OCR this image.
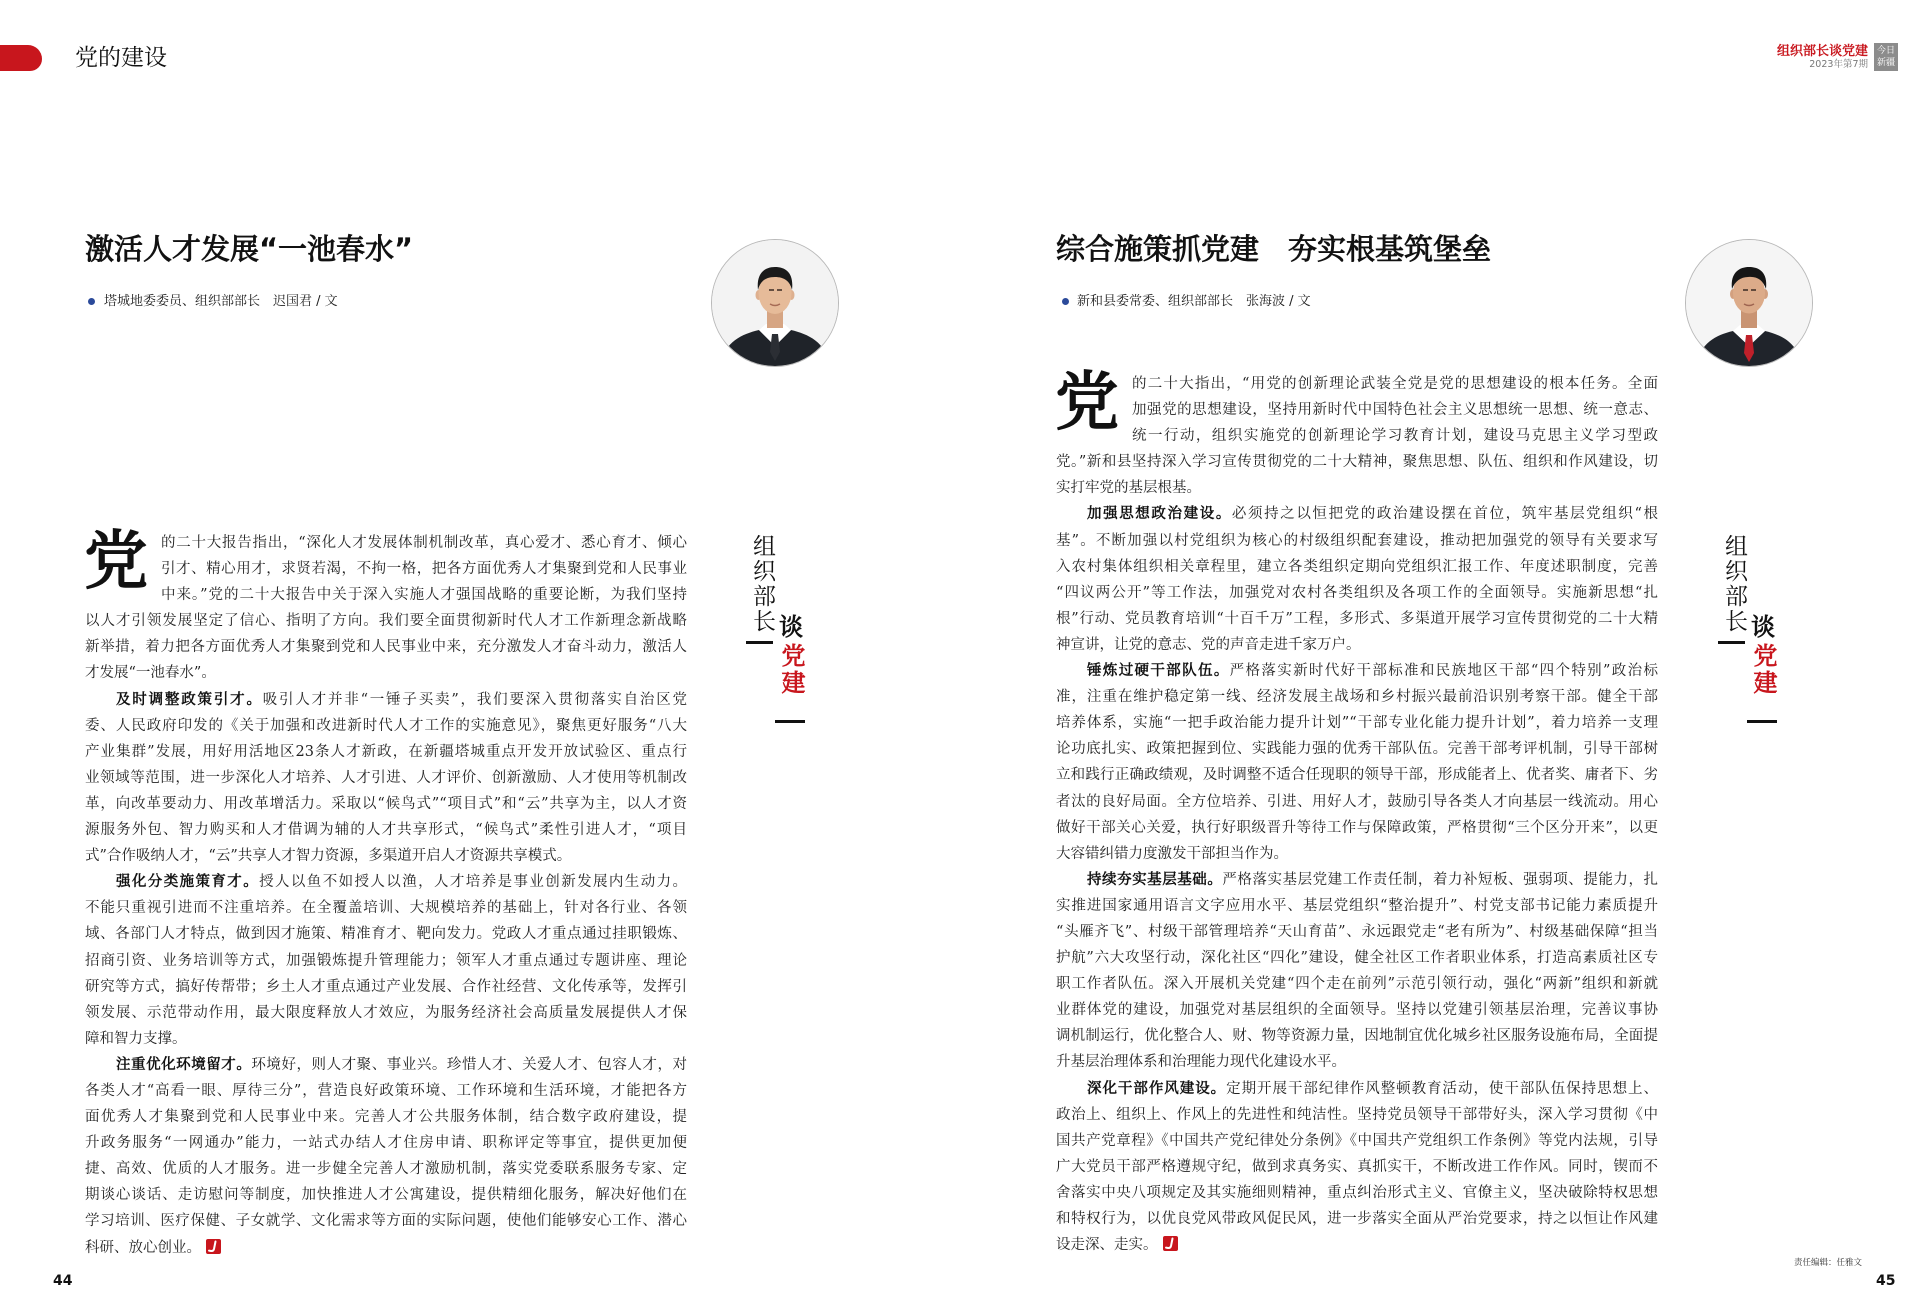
党的建设	组织部长谈党建
2023年第7期
今日新疆
激活人才发展“一池春水”
塔城地委委员、组织部部长　迟国君 / 文
组织部长 谈
党建
党 的二十大报告指出，“深化人才发展体制机制改革，真心爱才、悉心育才、倾心
引才、精心用才，求贤若渴，不拘一格，把各方面优秀人才集聚到党和人民事业
中来。”党的二十大报告中关于深入实施人才强国战略的重要论断，为我们坚持
以人才引领发展坚定了信心、指明了方向。我们要全面贯彻新时代人才工作新理念新战略
新举措，着力把各方面优秀人才集聚到党和人民事业中来，充分激发人才奋斗动力，激活人
才发展“一池春水”。
及时调整政策引才。吸引人才并非“一锤子买卖”，我们要深入贯彻落实自治区党
委、人民政府印发的《关于加强和改进新时代人才工作的实施意见》，聚焦更好服务“八大
产业集群”发展，用好用活地区23条人才新政，在新疆塔城重点开发开放试验区、重点行
业领域等范围，进一步深化人才培养、人才引进、人才评价、创新激励、人才使用等机制改
革，向改革要动力、用改革增活力。采取以“候鸟式”“项目式”和“云”共享为主，以人才资
源服务外包、智力购买和人才借调为辅的人才共享形式，“候鸟式”柔性引进人才，“项目
式”合作吸纳人才，“云”共享人才智力资源，多渠道开启人才资源共享模式。
强化分类施策育才。授人以鱼不如授人以渔，人才培养是事业创新发展内生动力。
不能只重视引进而不注重培养。在全覆盖培训、大规模培养的基础上，针对各行业、各领
域、各部门人才特点，做到因才施策、精准育才、靶向发力。党政人才重点通过挂职锻炼、
招商引资、业务培训等方式，加强锻炼提升管理能力；领军人才重点通过专题讲座、理论
研究等方式，搞好传帮带；乡土人才重点通过产业发展、合作社经营、文化传承等，发挥引
领发展、示范带动作用，最大限度释放人才效应，为服务经济社会高质量发展提供人才保
障和智力支撑。
注重优化环境留才。环境好，则人才聚、事业兴。珍惜人才、关爱人才、包容人才，对
各类人才“高看一眼、厚待三分”，营造良好政策环境、工作环境和生活环境，才能把各方
面优秀人才集聚到党和人民事业中来。完善人才公共服务体制，结合数字政府建设，提
升政务服务“一网通办”能力，一站式办结人才住房申请、职称评定等事宜，提供更加便
捷、高效、优质的人才服务。进一步健全完善人才激励机制，落实党委联系服务专家、定
期谈心谈话、走访慰问等制度，加快推进人才公寓建设，提供精细化服务，解决好他们在
学习培训、医疗保健、子女就学、文化需求等方面的实际问题，使他们能够安心工作、潜心
科研、放心创业。
44
综合施策抓党建　夯实根基筑堡垒
新和县委常委、组织部部长　张海波 / 文
组织部长 谈
党建
党 的二十大指出，“用党的创新理论武装全党是党的思想建设的根本任务。全面
加强党的思想建设，坚持用新时代中国特色社会主义思想统一思想、统一意志、
统一行动，组织实施党的创新理论学习教育计划，建设马克思主义学习型政
党。”新和县坚持深入学习宣传贯彻党的二十大精神，聚焦思想、队伍、组织和作风建设，切
实打牢党的基层根基。
加强思想政治建设。必须持之以恒把党的政治建设摆在首位，筑牢基层党组织“根
基”。不断加强以村党组织为核心的村级组织配套建设，推动把加强党的领导有关要求写
入农村集体组织相关章程里，建立各类组织定期向党组织汇报工作、年度述职制度，完善
“四议两公开”等工作法，加强党对农村各类组织及各项工作的全面领导。实施新思想“扎
根”行动、党员教育培训“十百千万”工程，多形式、多渠道开展学习宣传贯彻党的二十大精
神宣讲，让党的意志、党的声音走进千家万户。
锤炼过硬干部队伍。严格落实新时代好干部标准和民族地区干部“四个特别”政治标
准，注重在维护稳定第一线、经济发展主战场和乡村振兴最前沿识别考察干部。健全干部
培养体系，实施“一把手政治能力提升计划”“干部专业化能力提升计划”，着力培养一支理
论功底扎实、政策把握到位、实践能力强的优秀干部队伍。完善干部考评机制，引导干部树
立和践行正确政绩观，及时调整不适合任现职的领导干部，形成能者上、优者奖、庸者下、劣
者汰的良好局面。全方位培养、引进、用好人才，鼓励引导各类人才向基层一线流动。用心
做好干部关心关爱，执行好职级晋升等待工作与保障政策，严格贯彻“三个区分开来”，以更
大容错纠错力度激发干部担当作为。
持续夯实基层基础。严格落实基层党建工作责任制，着力补短板、强弱项、提能力，扎
实推进国家通用语言文字应用水平、基层党组织“整治提升”、村党支部书记能力素质提升
“头雁齐飞”、村级干部管理培养“天山育苗”、永远跟党走“老有所为”、村级基础保障“担当
护航”六大攻坚行动，深化社区“四化”建设，健全社区工作者职业体系，打造高素质社区专
职工作者队伍。深入开展机关党建“四个走在前列”示范引领行动，强化“两新”组织和新就
业群体党的建设，加强党对基层组织的全面领导。坚持以党建引领基层治理，完善议事协
调机制运行，优化整合人、财、物等资源力量，因地制宜优化城乡社区服务设施布局，全面提
升基层治理体系和治理能力现代化建设水平。
深化干部作风建设。定期开展干部纪律作风整顿教育活动，使干部队伍保持思想上、
政治上、组织上、作风上的先进性和纯洁性。坚持党员领导干部带好头，深入学习贯彻《中
国共产党章程》《中国共产党纪律处分条例》《中国共产党组织工作条例》等党内法规，引导
广大党员干部严格遵规守纪，做到求真务实、真抓实干，不断改进工作作风。同时，锲而不
舍落实中央八项规定及其实施细则精神，重点纠治形式主义、官僚主义，坚决破除特权思想
和特权行为，以优良党风带政风促民风，进一步落实全面从严治党要求，持之以恒让作风建
设走深、走实。
责任编辑：任雅文
45
